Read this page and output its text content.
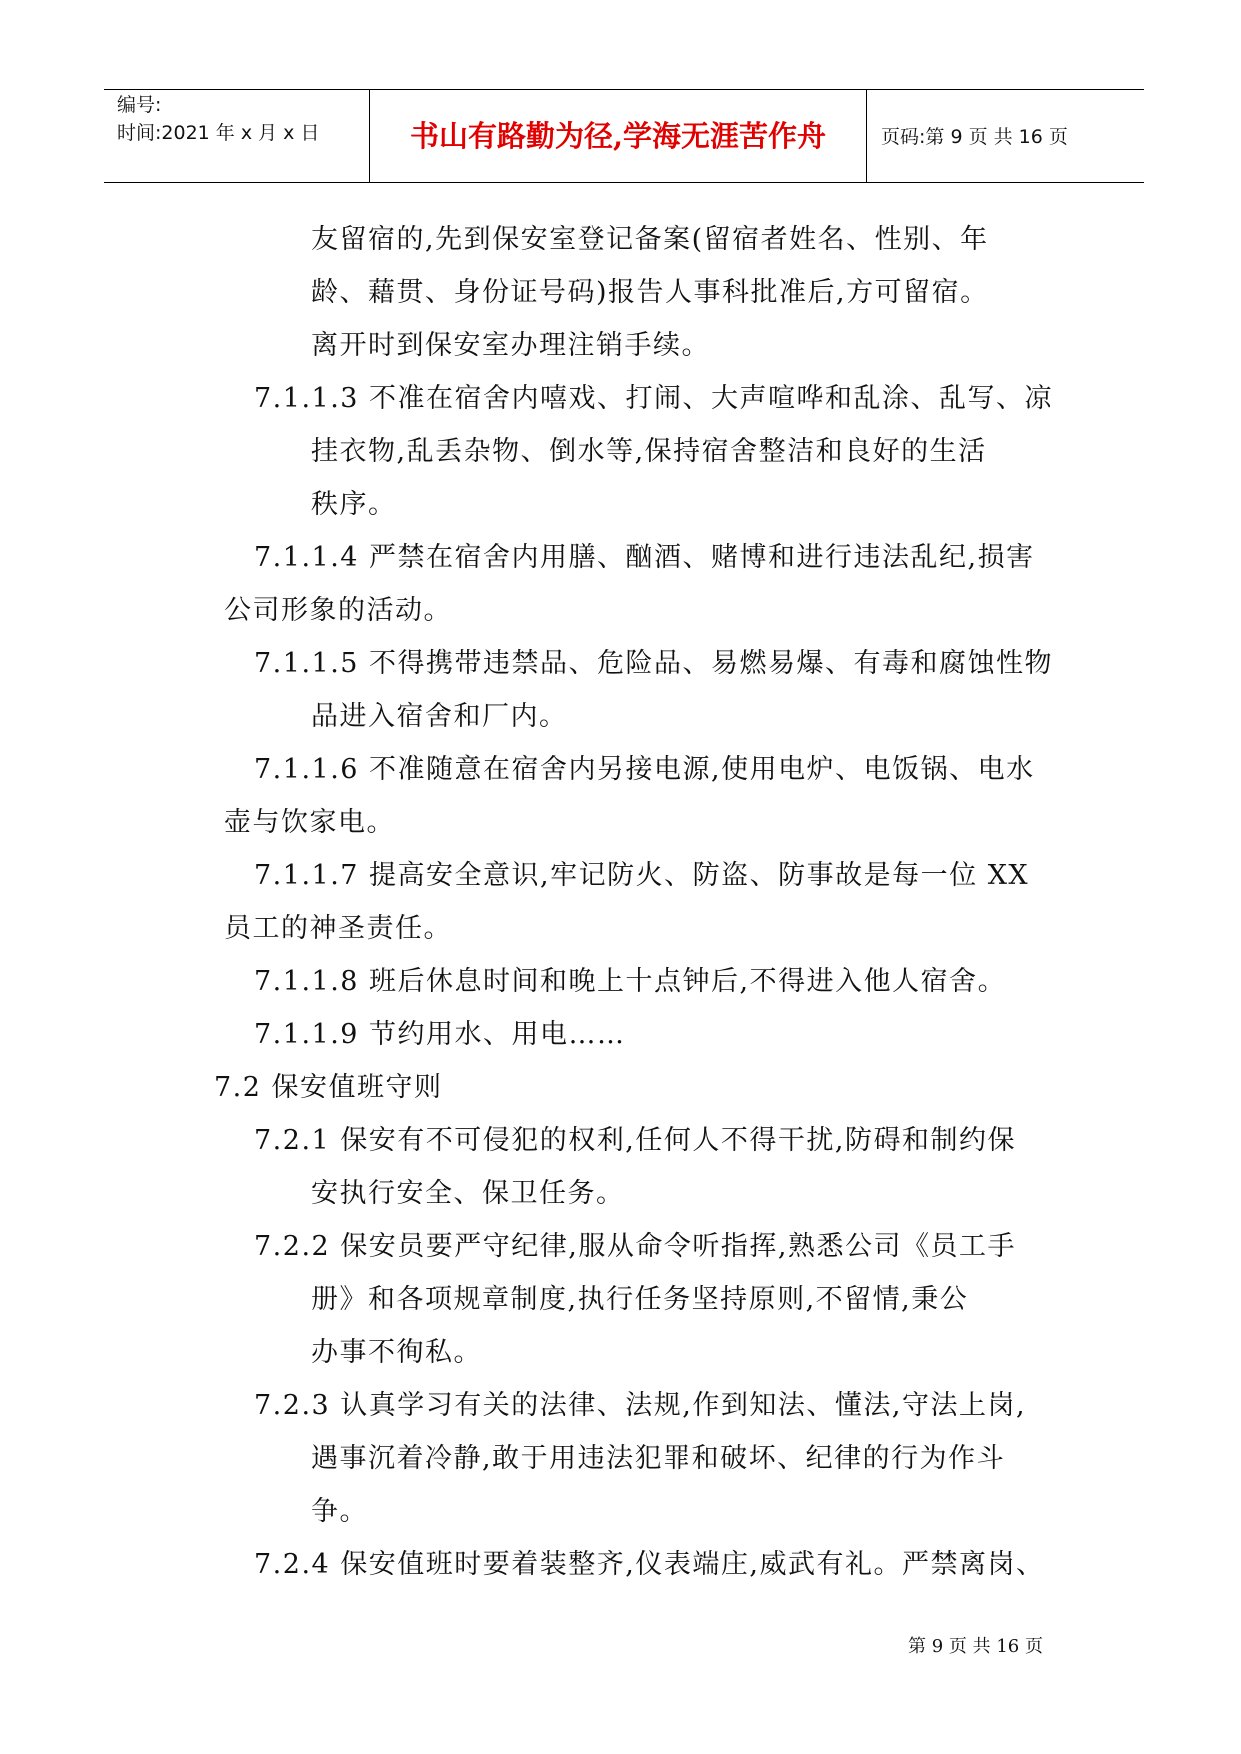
编号:
时间:2021 年 x 月 x 日	书山有路勤为径,学海无涯苦作舟	页码:第 9 页 共 16 页
友留宿的,先到保安室登记备案(留宿者姓名、性别、年
龄、藉贯、身份证号码)报告人事科批准后,方可留宿。
离开时到保安室办理注销手续。
7.1.1.3 不准在宿舍内嘻戏、打闹、大声喧哗和乱涂、乱写、凉
挂衣物,乱丢杂物、倒水等,保持宿舍整洁和良好的生活
秩序。
7.1.1.4 严禁在宿舍内用膳、酗酒、赌博和进行违法乱纪,损害
公司形象的活动。
7.1.1.5 不得携带违禁品、危险品、易燃易爆、有毒和腐蚀性物
品进入宿舍和厂内。
7.1.1.6 不准随意在宿舍内另接电源,使用电炉、电饭锅、电水
壶与饮家电。
7.1.1.7 提高安全意识,牢记防火、防盗、防事故是每一位 XX
员工的神圣责任。
7.1.1.8 班后休息时间和晚上十点钟后,不得进入他人宿舍。
7.1.1.9 节约用水、用电……
7.2 保安值班守则
7.2.1 保安有不可侵犯的权利,任何人不得干扰,防碍和制约保
安执行安全、保卫任务。
7.2.2 保安员要严守纪律,服从命令听指挥,熟悉公司《员工手
册》和各项规章制度,执行任务坚持原则,不留情,秉公
办事不徇私。
7.2.3 认真学习有关的法律、法规,作到知法、懂法,守法上岗,
遇事沉着冷静,敢于用违法犯罪和破坏、纪律的行为作斗
争。
7.2.4 保安值班时要着装整齐,仪表端庄,威武有礼。严禁离岗、
第 9 页 共 16 页
